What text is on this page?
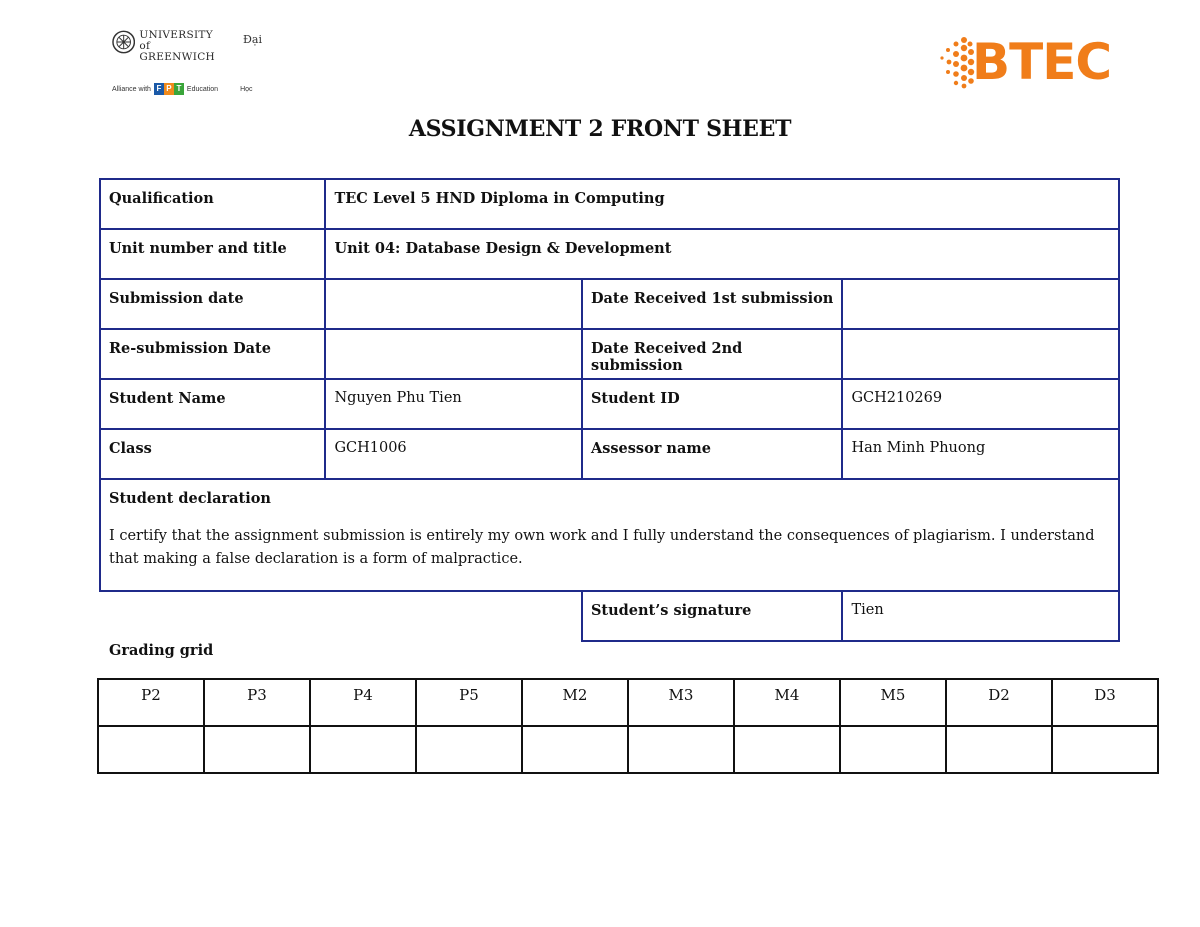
UNIVERSITY of
GREENWICH
Đại
Alliance with F P T Education	Học	BTEC
ASSIGNMENT 2 FRONT SHEET
Qualification	TEC Level 5 HND Diploma in Computing		
Unit number and title	Unit 04: Database Design & Development		
Submission date		Date Received 1st submission	
Re-submission Date		Date Received 2nd submission	
Student Name	Nguyen Phu Tien	Student ID	GCH210269
Class	GCH1006	Assessor name	Han Minh Phuong

Student declaration
I certify that the assignment submission is entirely my own work and I fully understand the consequences of plagiarism. I understand that making a false declaration is a form of malpractice.			

		Student’s signature	Tien
Grading grid
P2	P3	P4	P5	M2	M3	M4	M5	D2	D3
